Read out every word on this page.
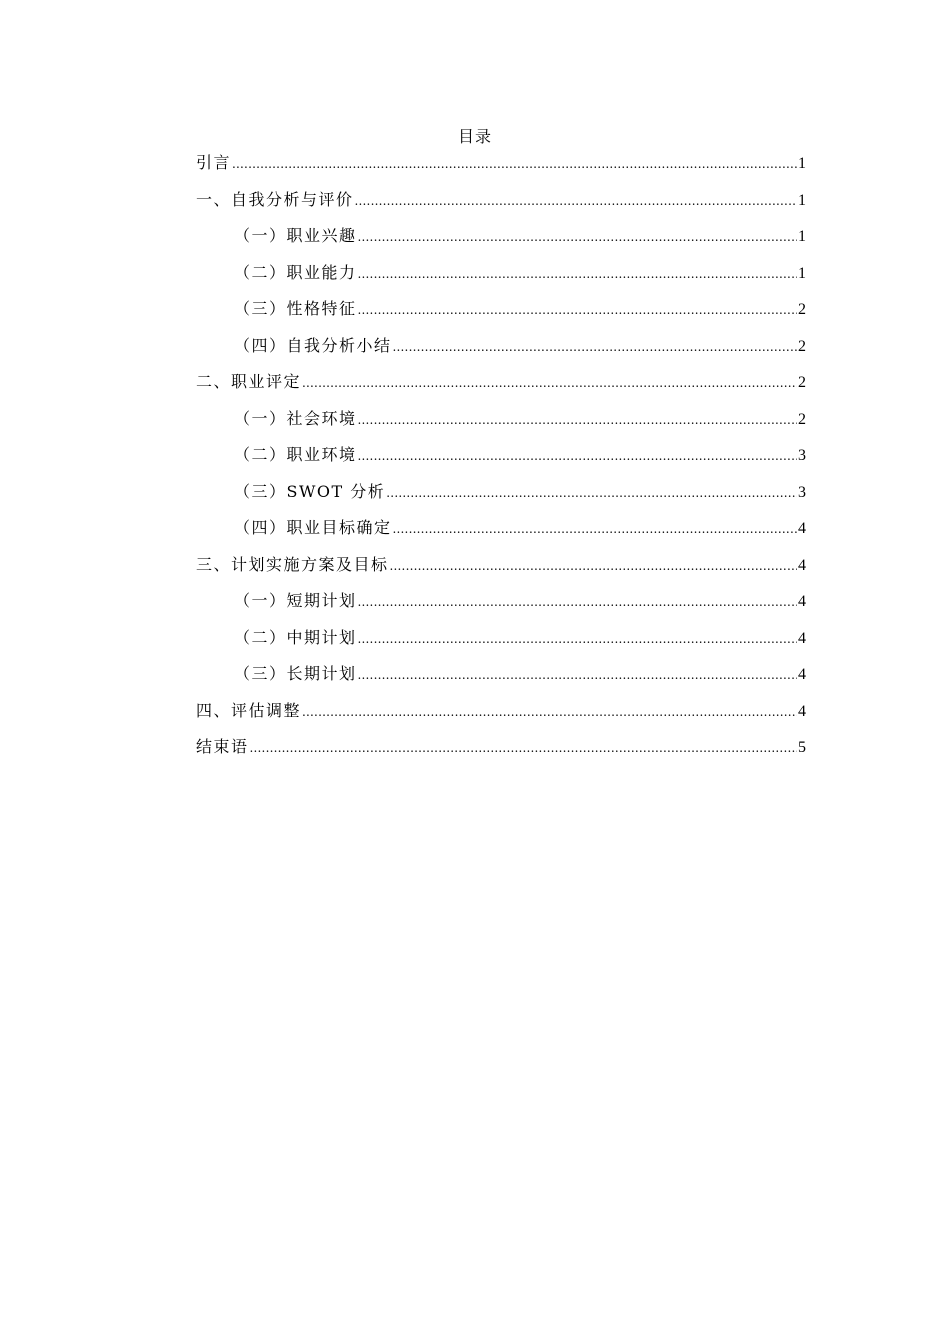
目录
引言 .....	1
一、自我分析与评价 .....	1
（一）职业兴趣 .....	1
（二）职业能力 .....	1
（三）性格特征 .....	2
（四）自我分析小结 .....	2
二、职业评定 .....	2
（一）社会环境 .....	2
（二）职业环境 .....	3
（三）SWOT 分析 .....	3
（四）职业目标确定 .....	4
三、计划实施方案及目标 .....	4
（一）短期计划 .....	4
（二）中期计划 .....	4
（三）长期计划 .....	4
四、评估调整 .....	4
结束语 .....	5
